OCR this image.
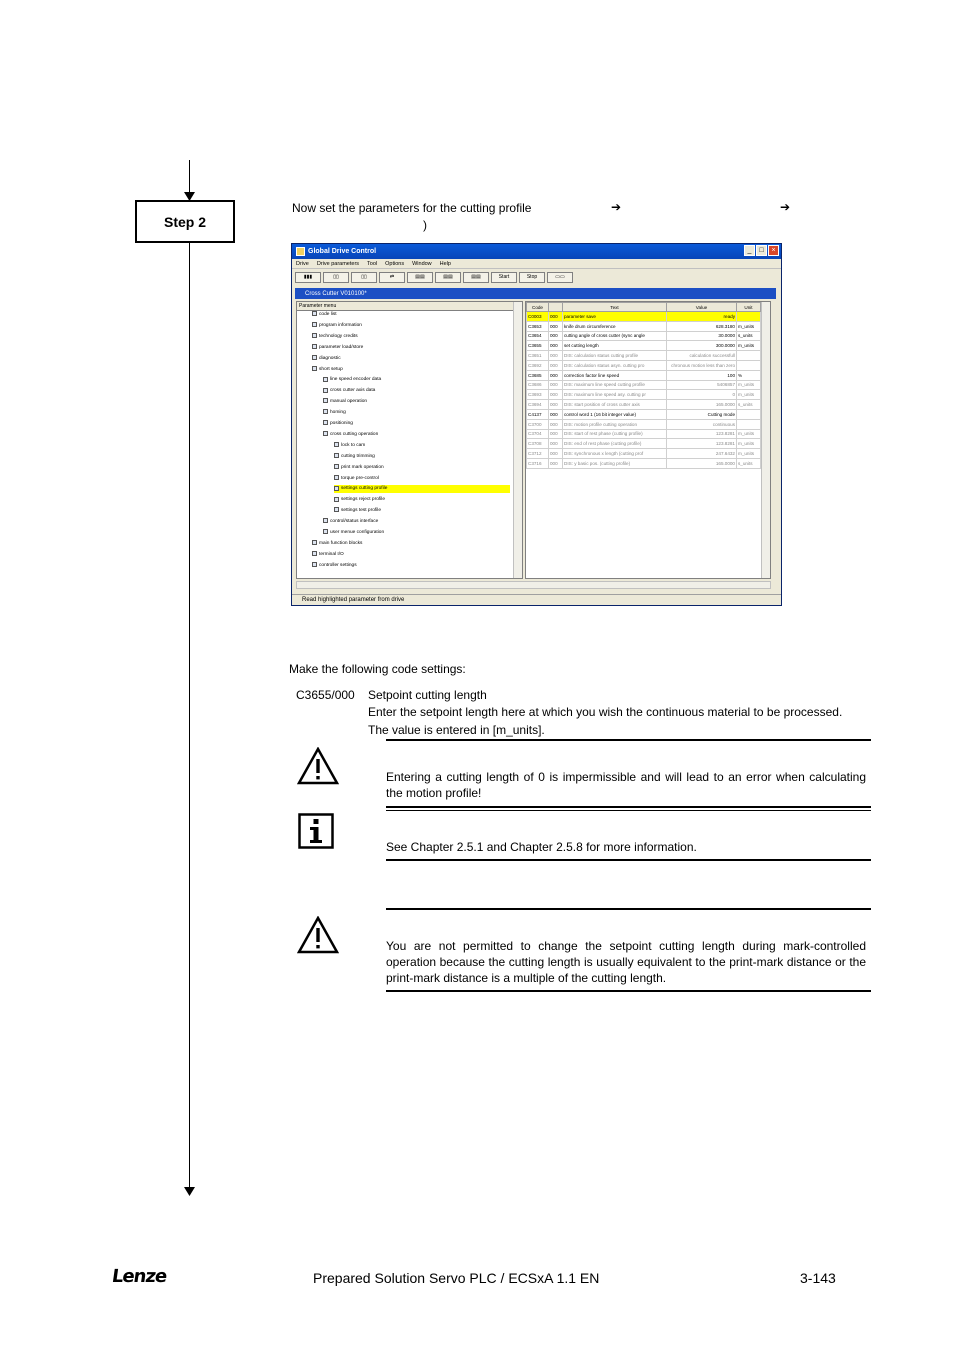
Step 2
Now set the parameters for the cutting profile	➔	➔
)
Global Drive Control	_	□	×
Drive Drive parameters Tool Options Window Help
▮▮▮	▯▯	▯▯	⇄	▤▤	▤▤	▤▤	Start	Stop	▭▭
Cross Cutter V010100*
Parameter menu
code list
program information
technology credits
parameter load/store
diagnostic
short setup
line speed encoder data
cross cutter axis data
manual operation
homing
positioning
cross cutting operation
lock to cam
cutting trimming
print mark operation
torque pre-control
settings cutting profile
settings reject profile
settings test profile
control/status interface
user menue configuration
main function blocks
terminal I/O
controller settings
Code		Text	Value	Unit
C0003	000	parameter save	ready	
C3653	000	knife drum circumference	628.3180	m_units
C3654	000	cutting angle of cross cutter (sync angle	30.0000	s_units
C3655	000	set cutting length	300.0000	m_units
C3651	000	DIS: calculation status cutting profile	calculation successfull	
C3692	000	DIS: calculation status asyn. cutting pro	chronous motion less than zero	
C3685	000	correction factor line speed	100	%
C3686	000	DIS: maximum line speed cutting profile	5406857	m_units
C3693	000	DIS: maximum line speed asy. cutting pr	0	m_units
C3694	000	DIS: start position of cross cutter axis	165.0000	s_units
C4137	000	control word 1 (16 bit integer value)	Cutting mode	
C3700	000	DIS: motion profile cutting operation	continuous	
C3704	000	DIS: start of rest phase (cutting profile)	123.8281	m_units
C3708	000	DIS: end of rest phase (cutting profile)	123.8281	m_units
C3712	000	DIS: synchronous x length (cutting prof	247.6432	m_units
C3716	000	DIS: y basic pos. (cutting profile)	165.0000	s_units
Read highlighted parameter from drive
Make the following code settings:
C3655/000 Setpoint cutting length
Enter the setpoint length here at which you wish the continuous material to be processed.
The value is entered in [m_units].
Entering a cutting length of 0 is impermissible and will lead to an error when calculating the motion profile!
See Chapter 2.5.1 and Chapter 2.5.8 for more information.
You are not permitted to change the setpoint cutting length during mark-controlled operation because the cutting length is usually equivalent to the print-mark distance or the print-mark distance is a multiple of the cutting length.
Lenze	Prepared Solution Servo PLC / ECSxA 1.1 EN	3-143
